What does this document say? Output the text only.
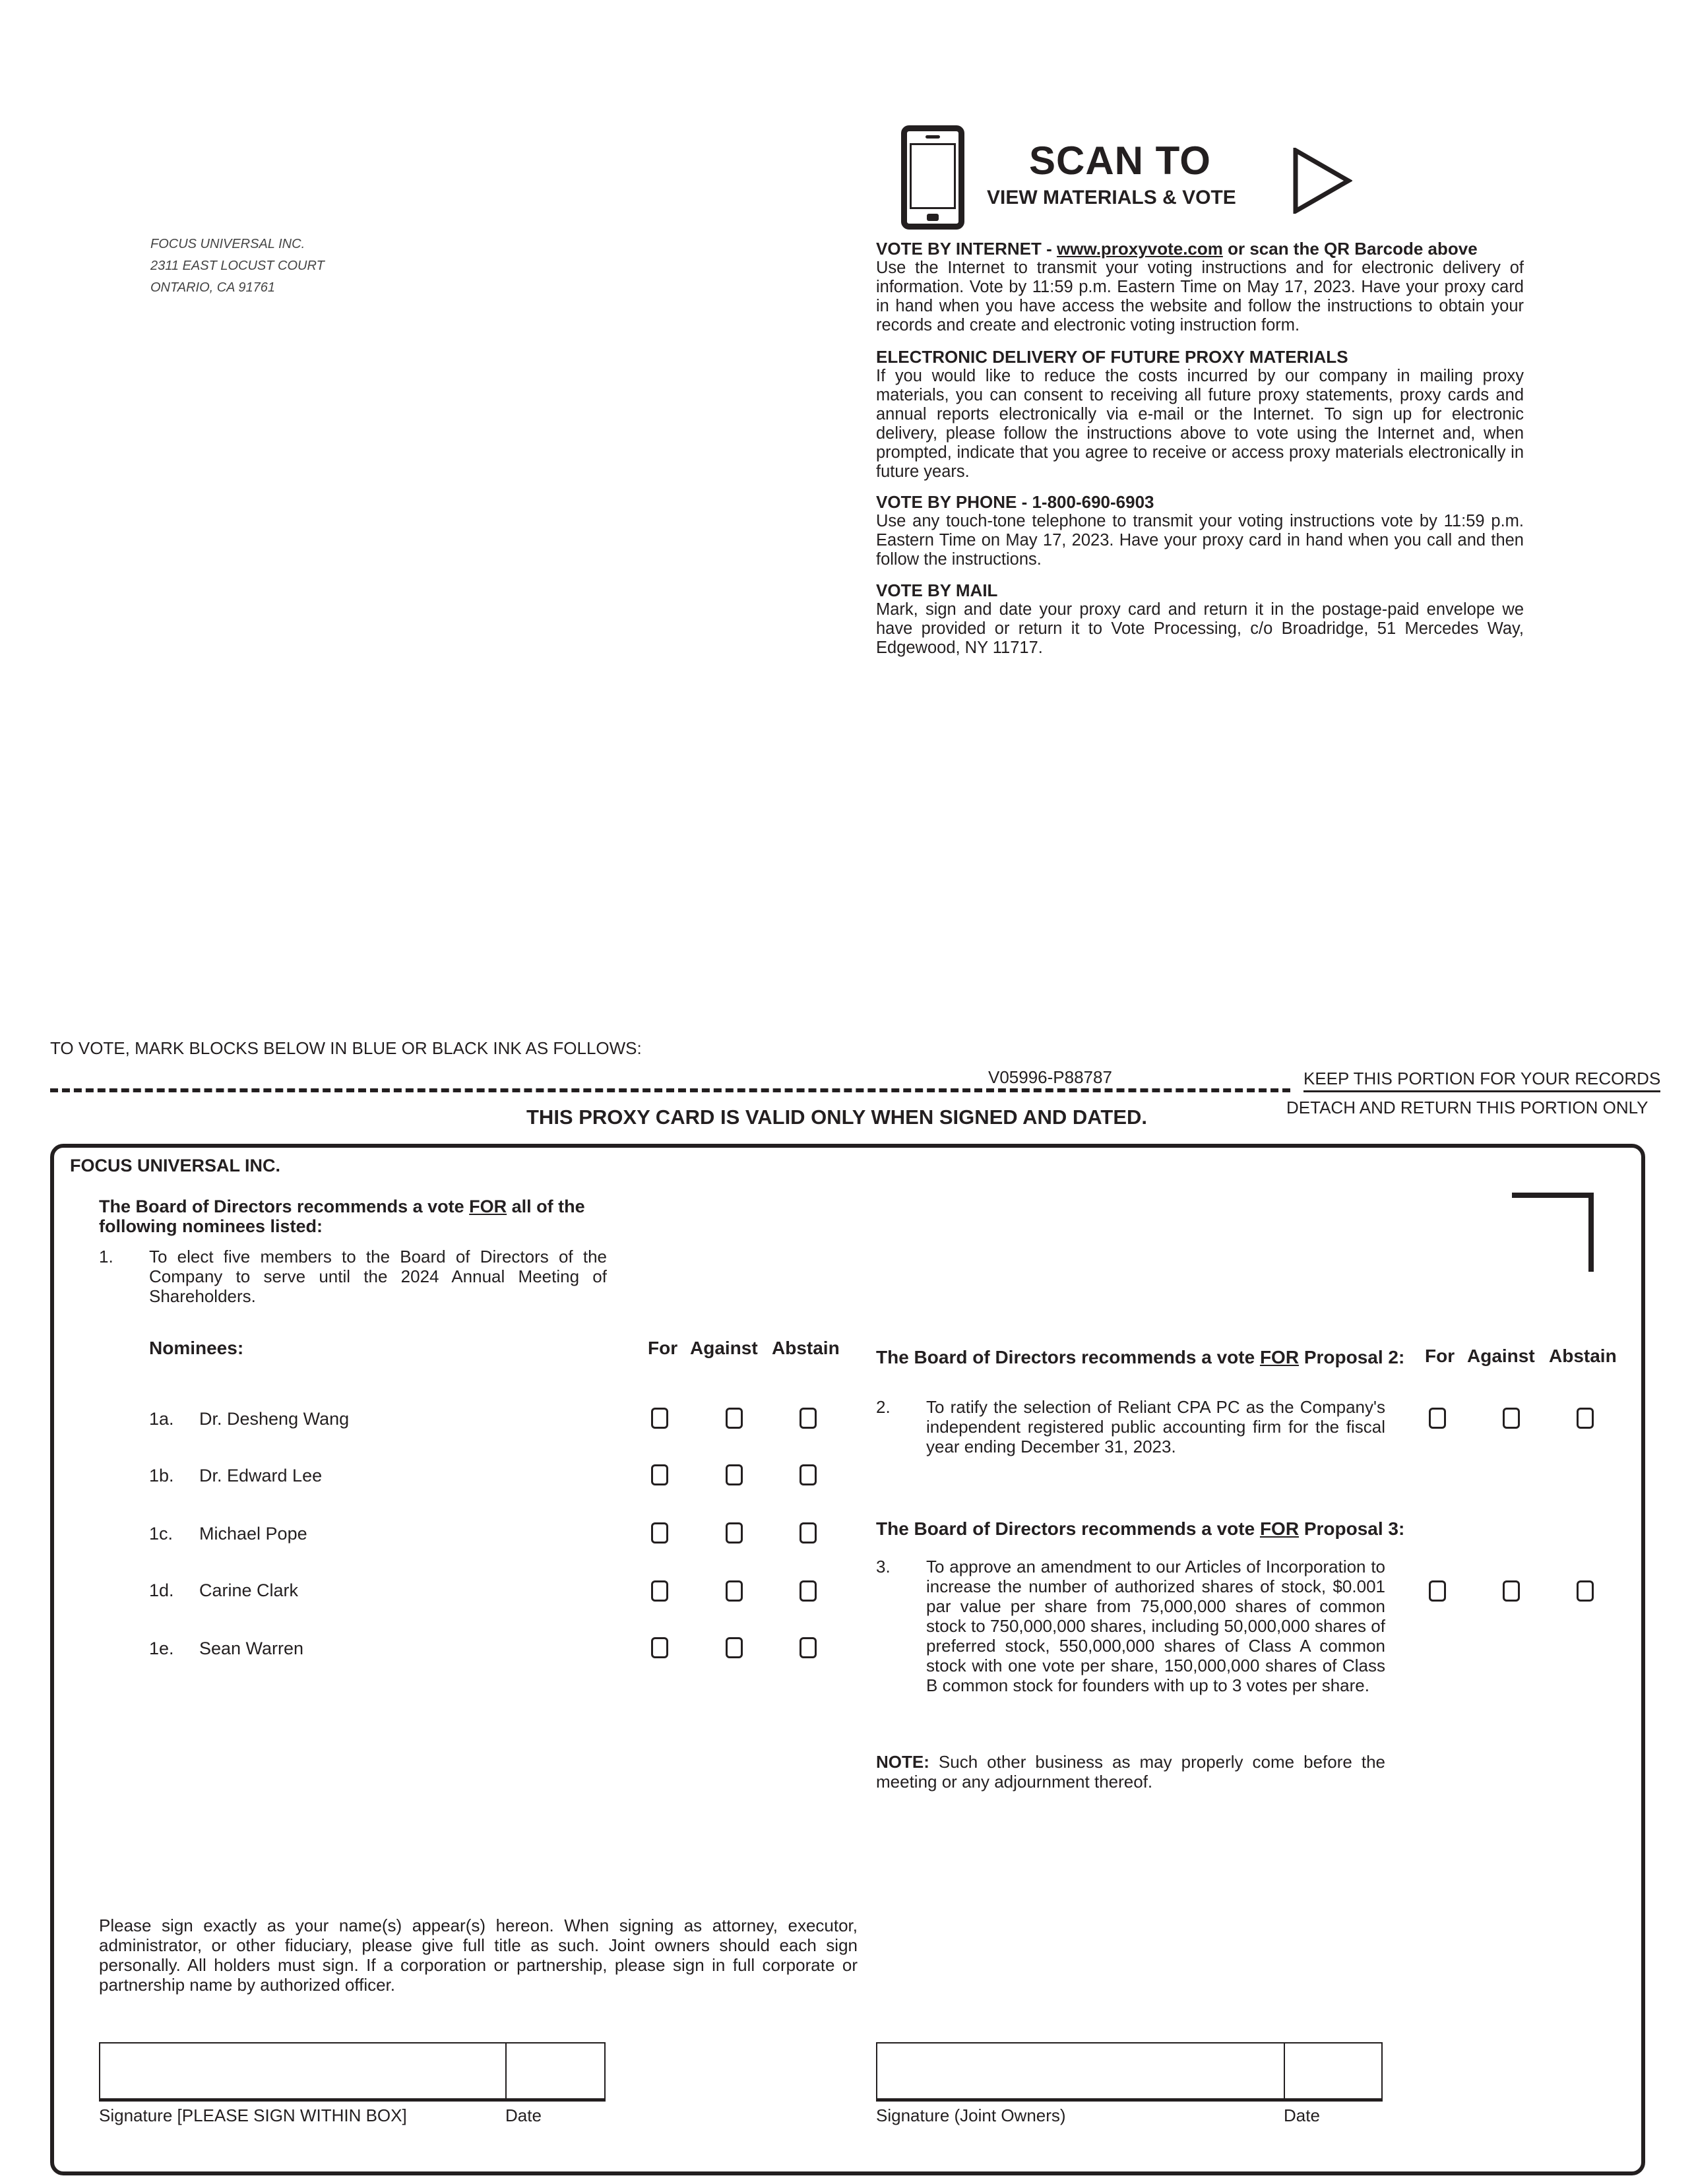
FOCUS UNIVERSAL INC.
2311 EAST LOCUST COURT
ONTARIO, CA 91761
SCAN TO
VIEW MATERIALS & VOTE
VOTE BY INTERNET - www.proxyvote.com or scan the QR Barcode above

Use the Internet to transmit your voting instructions and for electronic delivery of information. Vote by 11:59 p.m. Eastern Time on May 17, 2023. Have your proxy card in hand when you have access the website and follow the instructions to obtain your records and create and electronic voting instruction form.

ELECTRONIC DELIVERY OF FUTURE PROXY MATERIALS

If you would like to reduce the costs incurred by our company in mailing proxy materials, you can consent to receiving all future proxy statements, proxy cards and annual reports electronically via e-mail or the Internet. To sign up for electronic delivery, please follow the instructions above to vote using the Internet and, when prompted, indicate that you agree to receive or access proxy materials electronically in future years.

VOTE BY PHONE - 1-800-690-6903

Use any touch-tone telephone to transmit your voting instructions vote by 11:59 p.m. Eastern Time on May 17, 2023. Have your proxy card in hand when you call and then follow the instructions.

VOTE BY MAIL

Mark, sign and date your proxy card and return it in the postage-paid envelope we have provided or return it to Vote Processing, c/o Broadridge, 51 Mercedes Way, Edgewood, NY 11717.

TO VOTE, MARK BLOCKS BELOW IN BLUE OR BLACK INK AS FOLLOWS:
V05996-P88787	KEEP THIS PORTION FOR YOUR RECORDS
DETACH AND RETURN THIS PORTION ONLY
THIS PROXY CARD IS VALID ONLY WHEN SIGNED AND DATED.
FOCUS UNIVERSAL INC.
The Board of Directors recommends a vote FOR all of the following nominees listed:
1. To elect five members to the Board of Directors of the Company to serve until the 2024 Annual Meeting of Shareholders.
Nominees:	For Against Abstain
1a. Dr. Desheng Wang
1b. Dr. Edward Lee
1c. Michael Pope
1d. Carine Clark
1e. Sean Warren
The Board of Directors recommends a vote FOR Proposal 2: For Against Abstain
2. To ratify the selection of Reliant CPA PC as the Company's independent registered public accounting firm for the fiscal year ending December 31, 2023.
The Board of Directors recommends a vote FOR Proposal 3:
3. To approve an amendment to our Articles of Incorporation to increase the number of authorized shares of stock, $0.001 par value per share from 75,000,000 shares of common stock to 750,000,000 shares, including 50,000,000 shares of preferred stock, 550,000,000 shares of Class A common stock with one vote per share, 150,000,000 shares of Class B common stock for founders with up to 3 votes per share.
NOTE: Such other business as may properly come before the meeting or any adjournment thereof.
Please sign exactly as your name(s) appear(s) hereon. When signing as attorney, executor, administrator, or other fiduciary, please give full title as such. Joint owners should each sign personally. All holders must sign. If a corporation or partnership, please sign in full corporate or partnership name by authorized officer.
Signature [PLEASE SIGN WITHIN BOX]	Date	Signature (Joint Owners)	Date
